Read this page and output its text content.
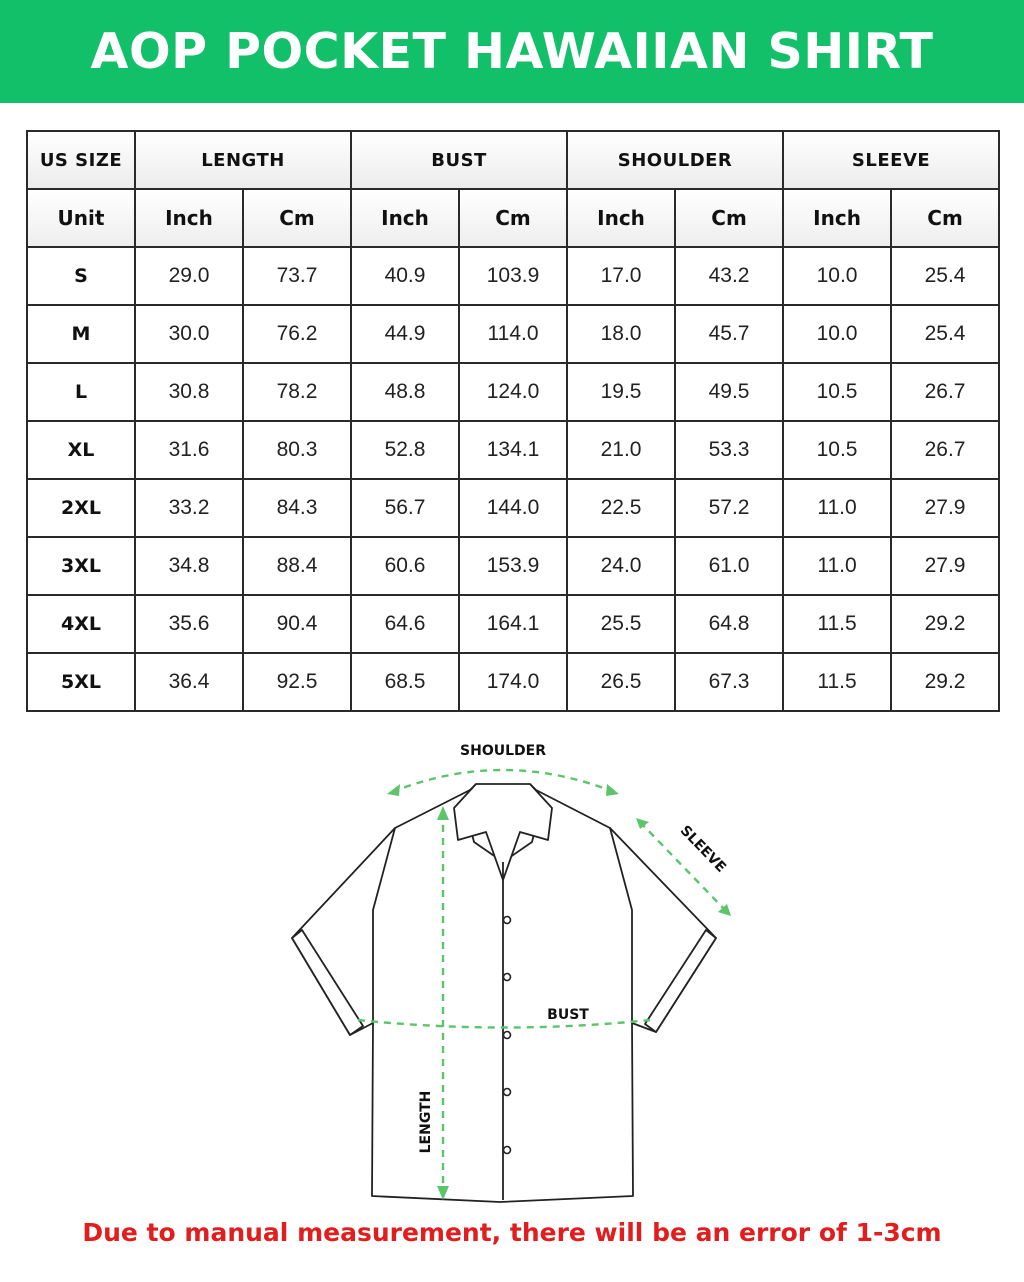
AOP POCKET HAWAIIAN SHIRT
US SIZE	LENGTH		BUST		SHOULDER		SLEEVE	
Unit	Inch	Cm	Inch	Cm	Inch	Cm	Inch	Cm
S	29.0	73.7	40.9	103.9	17.0	43.2	10.0	25.4
M	30.0	76.2	44.9	114.0	18.0	45.7	10.0	25.4
L	30.8	78.2	48.8	124.0	19.5	49.5	10.5	26.7
XL	31.6	80.3	52.8	134.1	21.0	53.3	10.5	26.7
2XL	33.2	84.3	56.7	144.0	22.5	57.2	11.0	27.9
3XL	34.8	88.4	60.6	153.9	24.0	61.0	11.0	27.9
4XL	35.6	90.4	64.6	164.1	25.5	64.8	11.5	29.2
5XL	36.4	92.5	68.5	174.0	26.5	67.3	11.5	29.2
SHOULDER
SLEEVE
BUST
LENGTH
Due to manual measurement, there will be an error of 1-3cm
